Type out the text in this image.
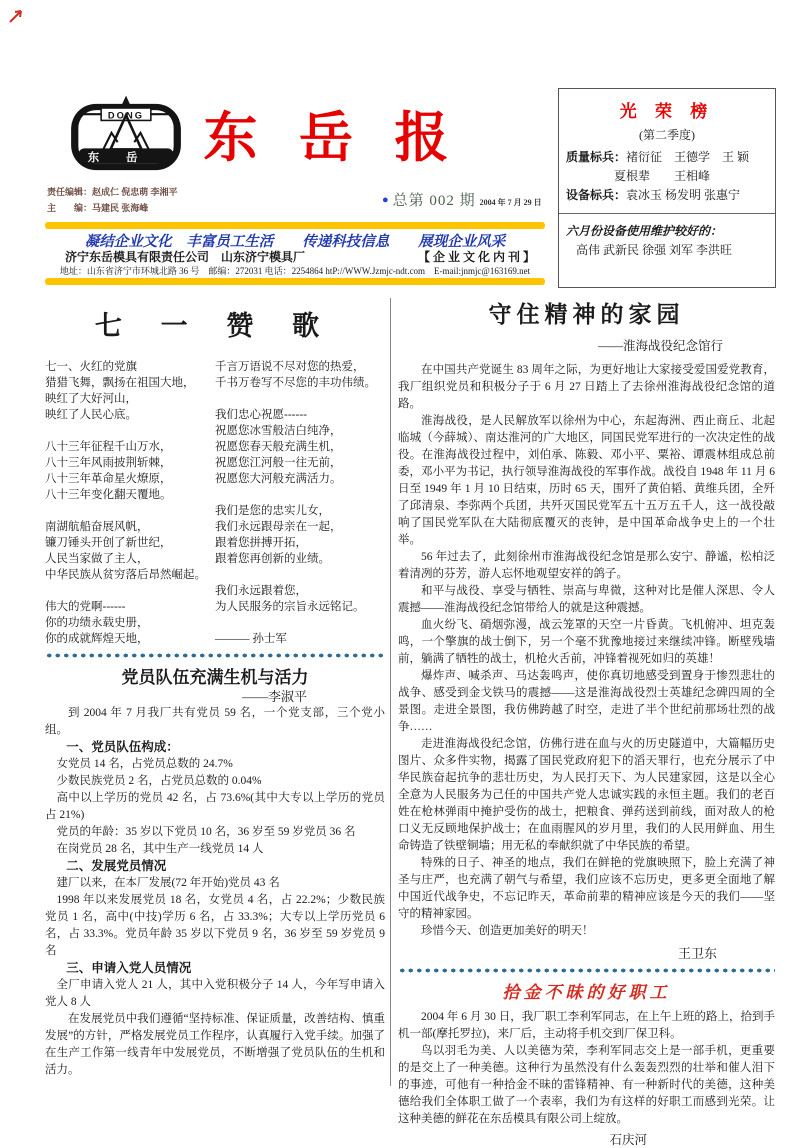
DONG
东岳 东 岳 报
责任编辑：赵成仁 倪忠萌 李湘平
主　　编：马建民 张海峰
● 总第 002 期 2004 年 7 月 29 日
光 荣 榜
(第二季度)
质量标兵：褚衍征　王德学　王 颖
夏根辈　　王相峰
设备标兵：袁冰玉 杨发明 张惠宁
六月份设备使用维护较好的：
高伟 武新民 徐强 刘军 李洪旺
凝结企业文化　丰富员工生活　　传递科技信息　　展现企业风采
济宁东岳模具有限责任公司　山东济宁模具厂	【 企 业 文 化 内 刊 】
地址：山东省济宁市环城北路 36 号　邮编：272031 电话：2254864 htP://WWW.Jzmjc-ndt.com　E-mail:jnmjc@163169.net
七 一 赞 歌
七一、火红的党旗
猎猎飞舞，飘扬在祖国大地，
映红了大好河山，
映红了人民心底。
八十三年征程千山万水，
八十三年风雨披荆斩棘，
八十三年革命星火燎原，
八十三年变化翻天覆地。
南湖航船奋展风帆，
镰刀锤头开创了新世纪，
人民当家做了主人，
中华民族从贫穷落后昂然崛起。
伟大的党啊------
你的功绩永载史册，
你的成就辉煌天地，
千言万语说不尽对您的热爱，
千书万卷写不尽您的丰功伟绩。
我们忠心祝愿------
祝愿您冰雪般洁白纯净，
祝愿您春天般充满生机，
祝愿您江河般一往无前，
祝愿您大河般充满活力。
我们是您的忠实儿女，
我们永远跟母亲在一起，
跟着您拼搏开拓，
跟着您再创新的业绩。
我们永远跟着您，
为人民服务的宗旨永远铭记。
——— 孙士军
党员队伍充满生机与活力
——李淑平
到 2004 年 7 月我厂共有党员 59 名，一个党支部，三个党小组。
一、党员队伍构成：
女党员 14 名，占党员总数的 24.7%
少数民族党员 2 名，占党员总数的 0.04%
高中以上学历的党员 42 名，占 73.6%(其中大专以上学历的党员占 21%)
党员的年龄：35 岁以下党员 10 名，36 岁至 59 岁党员 36 名
在岗党员 28 名，其中生产一线党员 14 人
二、发展党员情况
建厂以来，在本厂发展(72 年开始)党员 43 名
1998 年以来发展党员 18 名，女党员 4 名，占 22.2%；少数民族党员 1 名，高中(中技)学历 6 名，占 33.3%；大专以上学历党员 6 名，占 33.3%。党员年龄 35 岁以下党员 9 名，36 岁至 59 岁党员 9 名
三、申请入党人员情况
全厂申请入党人 21 人，其中入党积极分子 14 人，今年写申请入党人 8 人
在发展党员中我们遵循“坚持标准、保证质量，改善结构、慎重发展”的方针，严格发展党员工作程序，认真履行入党手续。加强了在生产工作第一线青年中发展党员，不断增强了党员队伍的生机和活力。
守住精神的家园
——淮海战役纪念馆行

在中国共产党诞生 83 周年之际，为更好地让大家接受爱国爱党教育，我厂组织党员和积极分子于 6 月 27 日踏上了去徐州淮海战役纪念馆的道路。

淮海战役，是人民解放军以徐州为中心，东起海洲、西止商丘、北起临城（今薛城）、南达淮河的广大地区，同国民党军进行的一次决定性的战役。在淮海战役过程中，刘伯承、陈毅、邓小平、粟裕、谭震林组成总前委，邓小平为书记，执行领导淮海战役的军事作战。战役自 1948 年 11 月 6 日至 1949 年 1 月 10 日结束，历时 65 天，围歼了黄伯韬、黄维兵团，全歼了邱清泉、李弥两个兵团，共歼灭国民党军五十五万五千人，这一战役敲响了国民党军队在大陆彻底覆灭的丧钟，是中国革命战争史上的一个壮举。

56 年过去了，此刻徐州市淮海战役纪念馆是那么安宁、静谧，松柏泛着清冽的芬芳，游人忘怀地观望安祥的鸽子。

和平与战役、享受与牺牲、崇高与卑微，这种对比是催人深思、令人震撼——淮海战役纪念馆带给人的就是这种震撼。

血火纷飞、硝烟弥漫，战云笼罩的天空一片昏黄。飞机俯冲、坦克轰鸣，一个擎旗的战士倒下，另一个毫不犹豫地接过来继续冲锋。断壁残墙前，躺满了牺牲的战士，机枪火舌前，冲锋着视死如归的英雄！

爆炸声、喊杀声、马达轰鸣声，使你真切地感受到置身于惨烈悲壮的战争、感受到金戈铁马的震撼——这是淮海战役烈士英雄纪念碑四周的全景图。走进全景图，我仿佛跨越了时空，走进了半个世纪前那场壮烈的战争……

走进淮海战役纪念馆，仿佛行进在血与火的历史隧道中，大篇幅历史图片、众多件实物，揭露了国民党政府犯下的滔天罪行，也充分展示了中华民族奋起抗争的悲壮历史，为人民打天下、为人民建家园，这是以全心全意为人民服务为己任的中国共产党人忠诚实践的永恒主题。我们的老百姓在枪林弹雨中掩护受伤的战士，把粮食、弹药送到前线，面对敌人的枪口义无反顾地保护战士；在血雨腥风的岁月里，我们的人民用鲜血、用生命铸造了铁壁铜墙；用无私的奉献织就了中华民族的希望。

特殊的日子、神圣的地点，我们在鲜艳的党旗映照下，脸上充满了神圣与庄严，也充满了朝气与希望，我们应该不忘历史，更多更全面地了解中国近代战争史，不忘记昨天，革命前辈的精神应该是今天的我们——坚守的精神家园。

珍惜今天、创造更加美好的明天！

王卫东
拾金不昧的好职工

2004 年 6 月 30 日，我厂职工李利军同志，在上午上班的路上，拾到手机一部(摩托罗拉)，来厂后，主动将手机交到厂保卫科。

鸟以羽毛为美、人以美德为荣，李利军同志交上是一部手机，更重要的是交上了一种美德。这种行为虽然没有什么轰轰烈烈的壮举和催人泪下的事迹，可他有一种拾金不昧的雷锋精神、有一种新时代的美德，这种美德给我们全体职工做了一个表率，我们为有这样的好职工而感到光荣。让这种美德的鲜花在东岳模具有限公司上绽放。

石庆河
